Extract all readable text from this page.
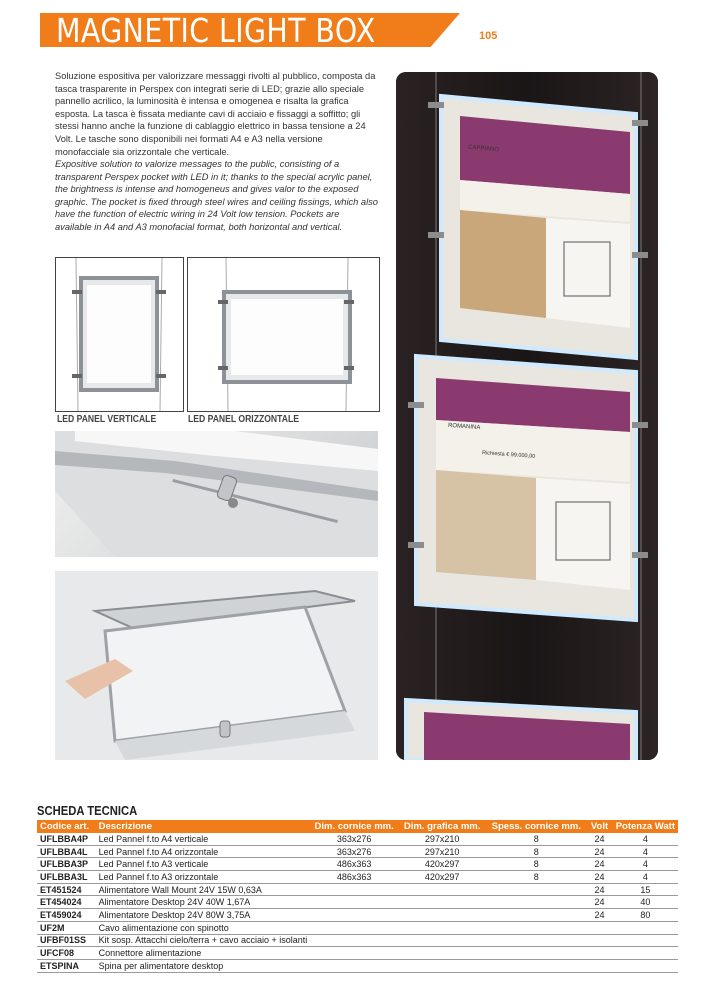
MAGNETIC LIGHT BOX	105
Soluzione espositiva per valorizzare messaggi rivolti al pubblico, composta da tasca trasparente in Perspex con integrati serie di LED; grazie allo speciale pannello acrilico, la luminosità è intensa e omogenea e risalta la grafica esposta. La tasca è fissata mediante cavi di acciaio e fissaggi a soffitto; gli stessi hanno anche la funzione di cablaggio elettrico in bassa tensione a 24 Volt. Le tasche sono disponibili nei formati A4 e A3 nella versione monofacciale sia orizzontale che verticale.
Expositive solution to valorize messages to the public, consisting of a transparent Perspex pocket with LED in it; thanks to the special acrylic panel, the brightness is intense and homogeneus and gives valor to the exposed graphic. The pocket is fixed through steel wires and ceiling fissings, which also have the function of electric wiring in 24 Volt low tension. Pockets are available in A4 and A3 monofacial format, both horizontal and vertical.
LED PANEL VERTICALE	LED PANEL ORIZZONTALE
CAPPIANO
ROMANINA
Richiesta € 99.000,00
SCHEDA TECNICA
Codice art.	Descrizione	Dim. cornice mm.	Dim. grafica mm.	Spess. cornice mm.	Volt	Potenza Watt
UFLBBA4P	Led Pannel f.to A4 verticale	363x276	297x210	8	24	4
UFLBBA4L	Led Pannel f.to A4 orizzontale	363x276	297x210	8	24	4
UFLBBA3P	Led Pannel f.to A3 verticale	486x363	420x297	8	24	4
UFLBBA3L	Led Pannel f.to A3 orizzontale	486x363	420x297	8	24	4
ET451524	Alimentatore Wall Mount 24V 15W 0,63A				24	15
ET454024	Alimentatore Desktop 24V 40W 1,67A				24	40
ET459024	Alimentatore Desktop 24V 80W 3,75A				24	80
UF2M	Cavo alimentazione con spinotto					
UFBF01SS	Kit sosp. Attacchi cielo/terra + cavo acciaio + isolanti					
UFCF08	Connettore alimentazione					
ETSPINA	Spina per alimentatore desktop					
